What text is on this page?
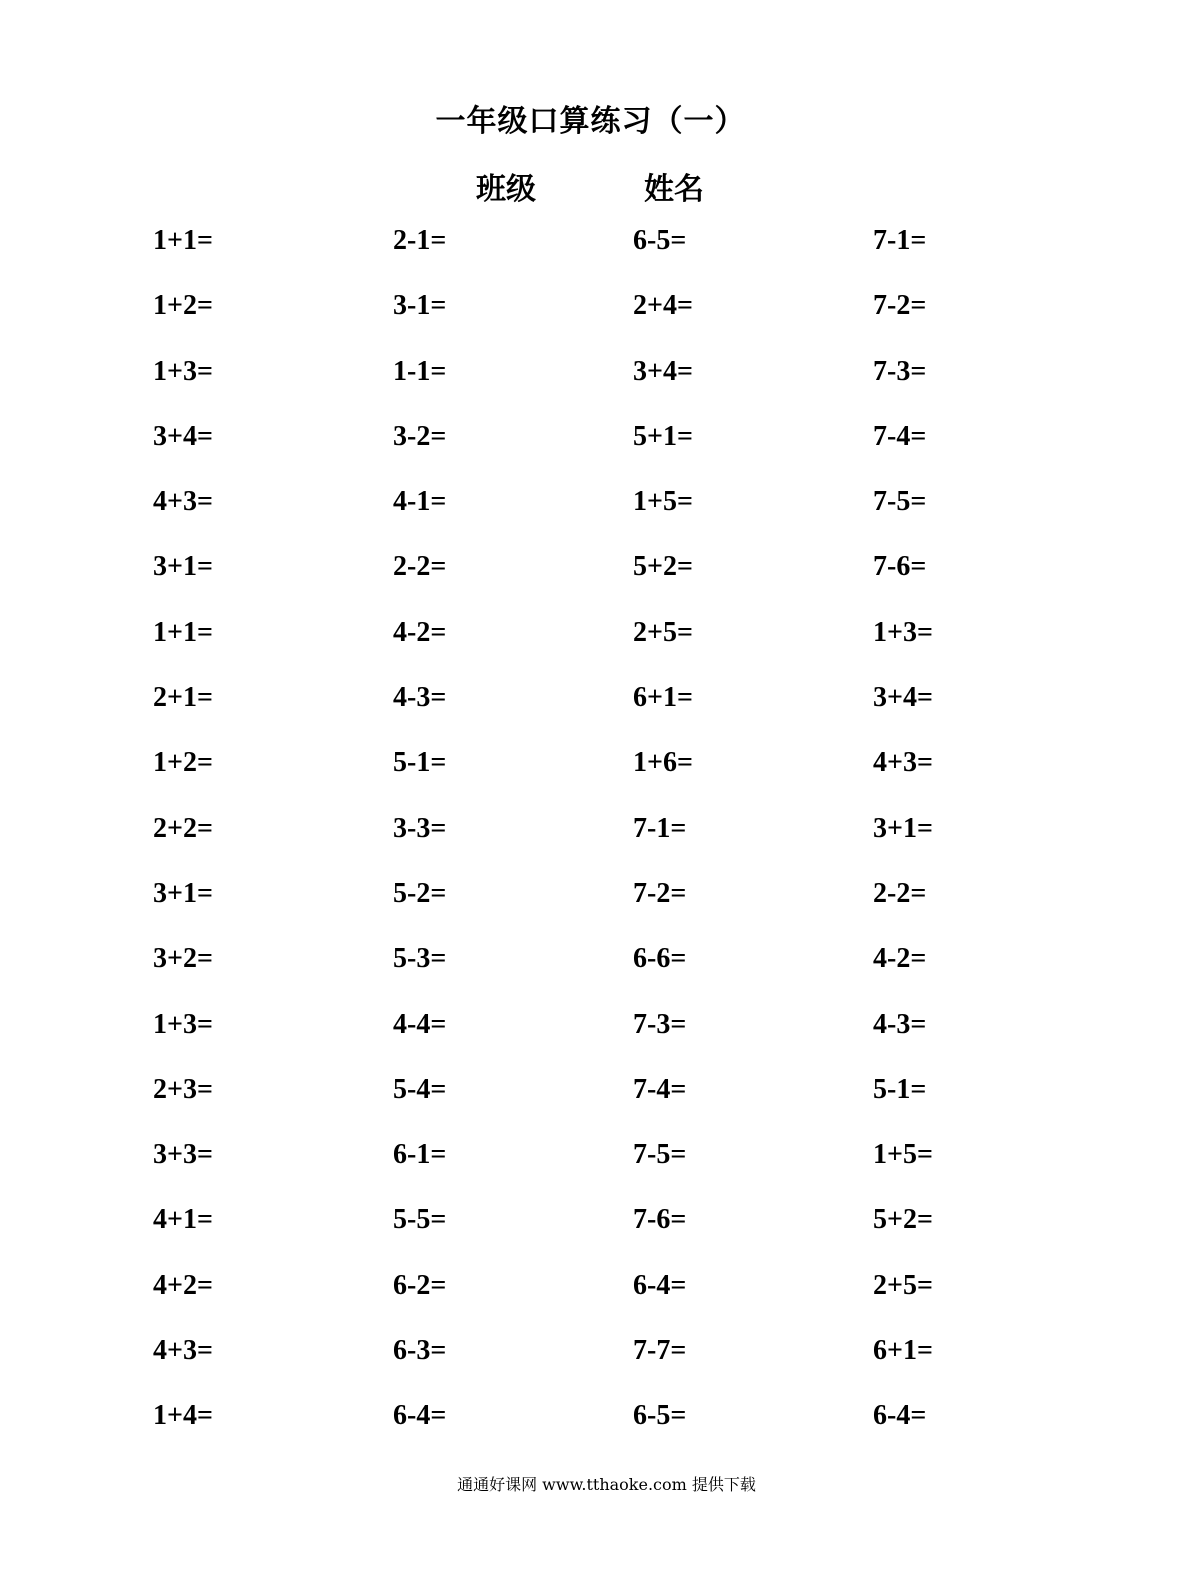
一年级口算练习（一）
班级	姓名
1+1=	2-1=	6-5=	7-1=
1+2=	3-1=	2+4=	7-2=
1+3=	1-1=	3+4=	7-3=
3+4=	3-2=	5+1=	7-4=
4+3=	4-1=	1+5=	7-5=
3+1=	2-2=	5+2=	7-6=
1+1=	4-2=	2+5=	1+3=
2+1=	4-3=	6+1=	3+4=
1+2=	5-1=	1+6=	4+3=
2+2=	3-3=	7-1=	3+1=
3+1=	5-2=	7-2=	2-2=
3+2=	5-3=	6-6=	4-2=
1+3=	4-4=	7-3=	4-3=
2+3=	5-4=	7-4=	5-1=
3+3=	6-1=	7-5=	1+5=
4+1=	5-5=	7-6=	5+2=
4+2=	6-2=	6-4=	2+5=
4+3=	6-3=	7-7=	6+1=
1+4=	6-4=	6-5=	6-4=
通通好课网 www.tthaoke.com 提供下载
